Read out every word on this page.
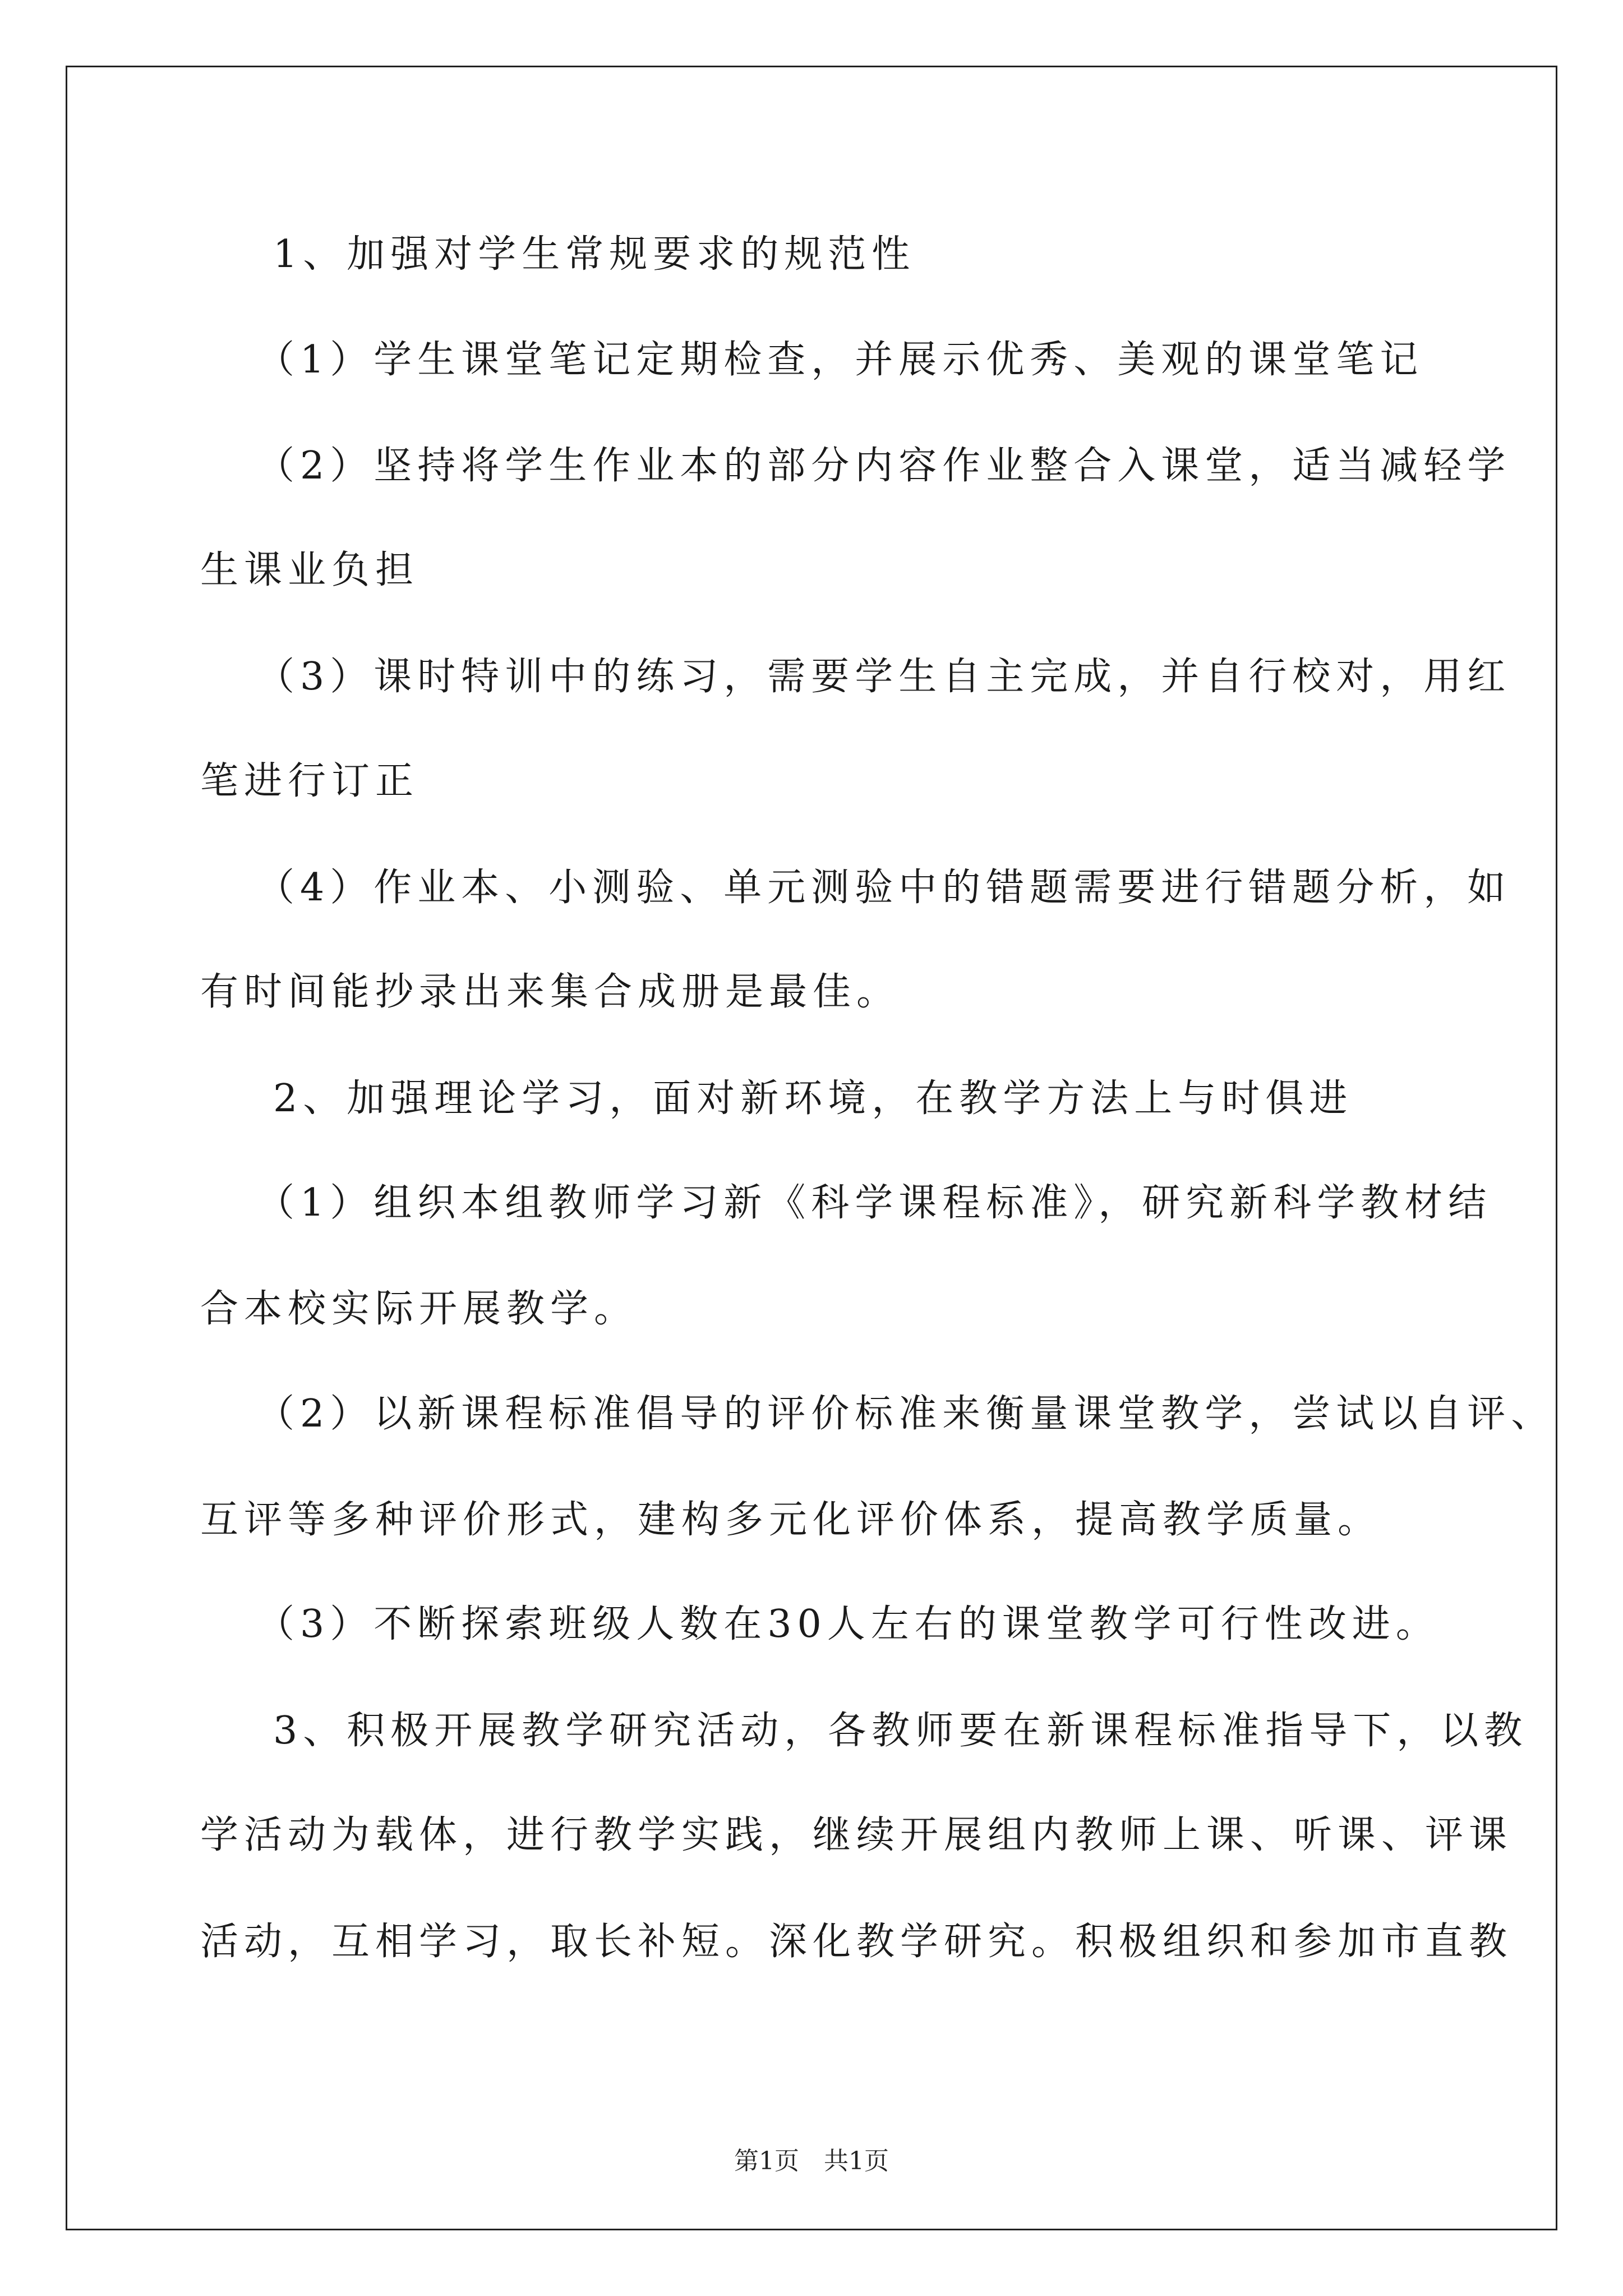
1、加强对学生常规要求的规范性
（1）学生课堂笔记定期检查，并展示优秀、美观的课堂笔记
（2）坚持将学生作业本的部分内容作业整合入课堂，适当减轻学
生课业负担
（3）课时特训中的练习，需要学生自主完成，并自行校对，用红
笔进行订正
（4）作业本、小测验、单元测验中的错题需要进行错题分析，如
有时间能抄录出来集合成册是最佳。
2、加强理论学习，面对新环境，在教学方法上与时俱进
（1）组织本组教师学习新《科学课程标准》，研究新科学教材结
合本校实际开展教学。
（2）以新课程标准倡导的评价标准来衡量课堂教学，尝试以自评、
互评等多种评价形式，建构多元化评价体系，提高教学质量。
（3）不断探索班级人数在30人左右的课堂教学可行性改进。
3、积极开展教学研究活动，各教师要在新课程标准指导下，以教
学活动为载体，进行教学实践，继续开展组内教师上课、听课、评课
活动，互相学习，取长补短。深化教学研究。积极组织和参加市直教
第1页　共1页
